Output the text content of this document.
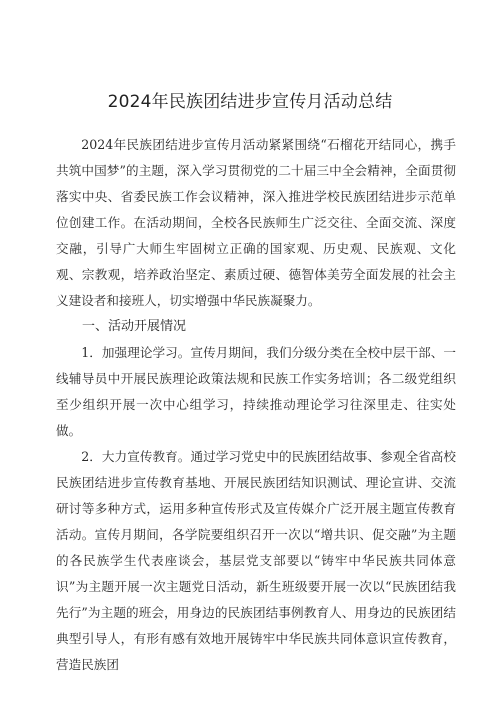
2024年民族团结进步宣传月活动总结

2024年民族团结进步宣传月活动紧紧围绕“石榴花开结同心，携手共筑中国梦”的主题，深入学习贯彻党的二十届三中全会精神，全面贯彻落实中央、省委民族工作会议精神，深入推进学校民族团结进步示范单位创建工作。在活动期间，全校各民族师生广泛交往、全面交流、深度交融，引导广大师生牢固树立正确的国家观、历史观、民族观、文化观、宗教观，培养政治坚定、素质过硬、德智体美劳全面发展的社会主义建设者和接班人，切实增强中华民族凝聚力。

一、活动开展情况

1．加强理论学习。宣传月期间，我们分级分类在全校中层干部、一线辅导员中开展民族理论政策法规和民族工作实务培训；各二级党组织至少组织开展一次中心组学习，持续推动理论学习往深里走、往实处做。

2．大力宣传教育。通过学习党史中的民族团结故事、参观全省高校民族团结进步宣传教育基地、开展民族团结知识测试、理论宣讲、交流研讨等多种方式，运用多种宣传形式及宣传媒介广泛开展主题宣传教育活动。宣传月期间，各学院要组织召开一次以“增共识、促交融”为主题的各民族学生代表座谈会，基层党支部要以“铸牢中华民族共同体意识”为主题开展一次主题党日活动，新生班级要开展一次以“民族团结我先行”为主题的班会，用身边的民族团结事例教育人、用身边的民族团结典型引导人，有形有感有效地开展铸牢中华民族共同体意识宣传教育，营造民族团
